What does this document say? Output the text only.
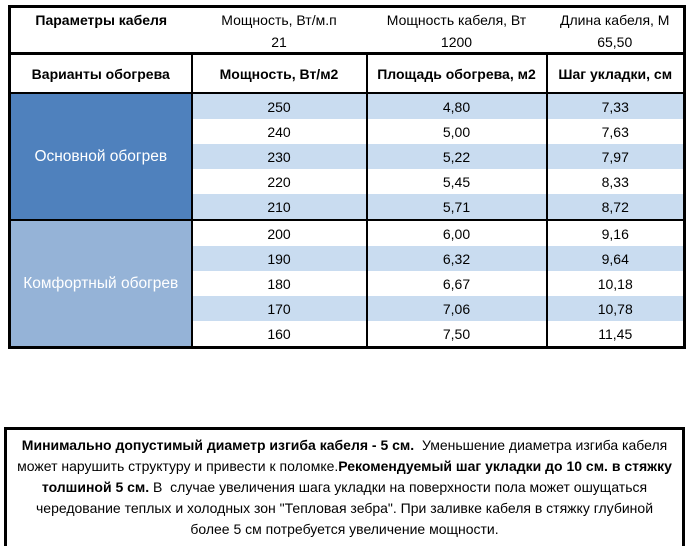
Параметры кабеля	Мощность, Вт/м.п	Мощность кабеля, Вт	Длина кабеля, М
	21	1200	65,50
Варианты обогрева	Мощность, Вт/м2	Площадь обогрева, м2	Шаг укладки, см
Основной обогрев	250	4,80	7,33
	240	5,00	7,63
	230	5,22	7,97
	220	5,45	8,33
	210	5,71	8,72
Комфортный обогрев	200	6,00	9,16
	190	6,32	9,64
	180	6,67	10,18
	170	7,06	10,78
	160	7,50	11,45

Минимально допустимый диаметр изгиба кабеля - 5 см.  Уменьшение диаметра изгиба кабеля может нарушить структуру и привести к поломке.Рекомендуемый шаг укладки до 10 см. в стяжку толшиной 5 см. В  случае увеличения шага укладки на поверхности пола может ошущаться чередование теплых и холодных зон "Тепловая зебра". При заливке кабеля в стяжку глубиной более 5 см потребуется увеличение мощности.
